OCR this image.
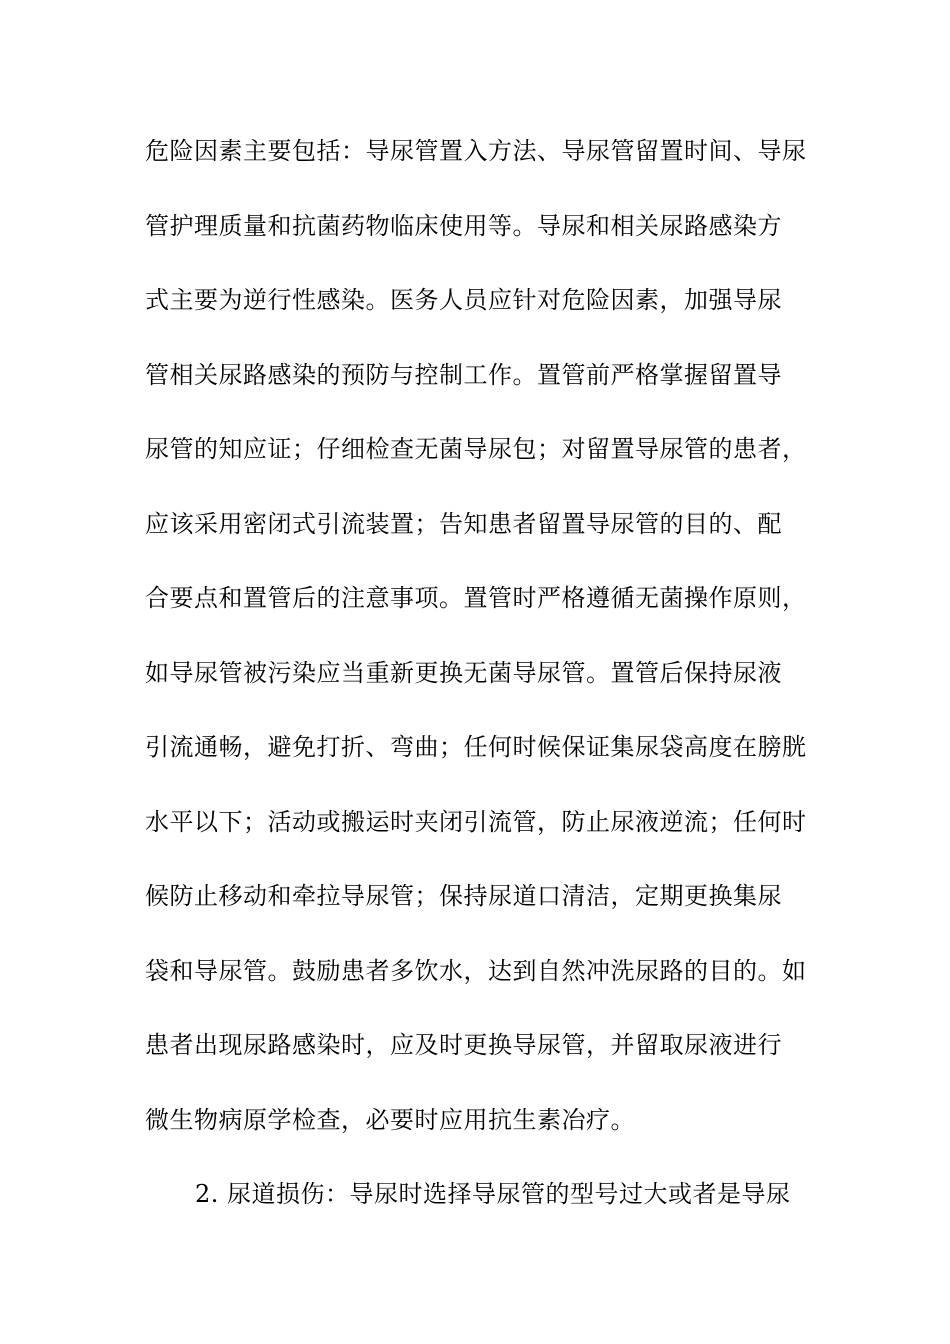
危险因素主要包括：导尿管置入方法、导尿管留置时间、导尿
管护理质量和抗菌药物临床使用等。导尿和相关尿路感染方
式主要为逆行性感染。医务人员应针对危险因素，加强导尿
管相关尿路感染的预防与控制工作。置管前严格掌握留置导
尿管的知应证；仔细检查无菌导尿包；对留置导尿管的患者，
应该采用密闭式引流装置；告知患者留置导尿管的目的、配
合要点和置管后的注意事项。置管时严格遵循无菌操作原则，
如导尿管被污染应当重新更换无菌导尿管。置管后保持尿液
引流通畅，避免打折、弯曲；任何时候保证集尿袋高度在膀胱
水平以下；活动或搬运时夹闭引流管，防止尿液逆流；任何时
候防止移动和牵拉导尿管；保持尿道口清洁，定期更换集尿
袋和导尿管。鼓励患者多饮水，达到自然冲洗尿路的目的。如
患者出现尿路感染时，应及时更换导尿管，并留取尿液进行
微生物病原学检查，必要时应用抗生素冶疗。
2. 尿道损伤：导尿时选择导尿管的型号过大或者是导尿
